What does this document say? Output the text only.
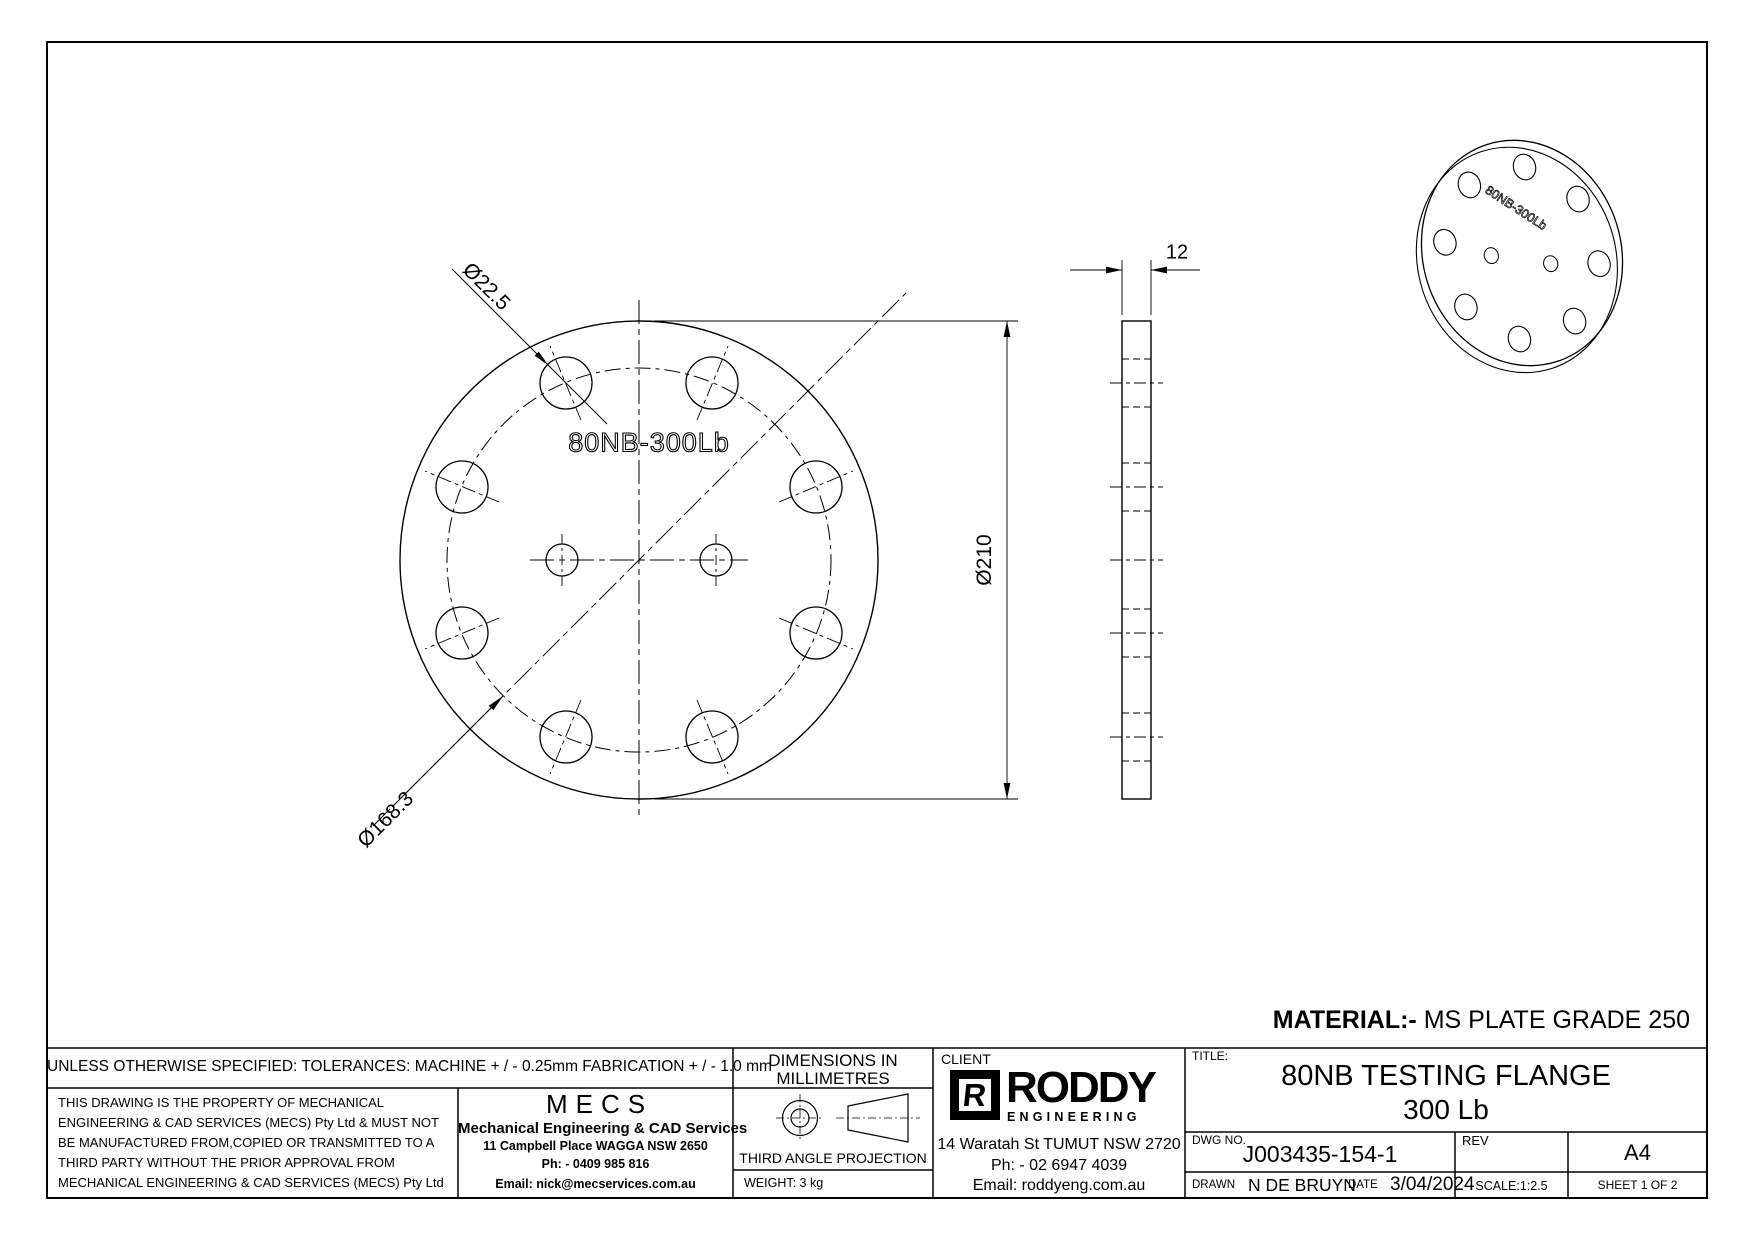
80NB-300Lb
Ø22.5
Ø168.3
Ø210
12
80NB-300Lb
MATERIAL:- MS PLATE GRADE 250
UNLESS OTHERWISE SPECIFIED: TOLERANCES: MACHINE + / - 0.25mm FABRICATION + / - 1.0 mm
DIMENSIONS IN
MILLIMETRES
THIS DRAWING IS THE PROPERTY OF MECHANICAL
ENGINEERING & CAD SERVICES (MECS) Pty Ltd & MUST NOT
BE MANUFACTURED FROM,COPIED OR TRANSMITTED TO A
THIRD PARTY WITHOUT THE PRIOR APPROVAL FROM
MECHANICAL ENGINEERING & CAD SERVICES (MECS) Pty Ltd
MECS
Mechanical Engineering & CAD Services
11 Campbell Place WAGGA NSW 2650
Ph: - 0409 985 816
Email: nick@mecservices.com.au
THIRD ANGLE PROJECTION
WEIGHT: 3 kg
CLIENT
R RODDY
ENGINEERING
14 Waratah St TUMUT NSW 2720
Ph: - 02 6947 4039
Email: roddyeng.com.au
TITLE:
80NB TESTING FLANGE
300 Lb
DWG NO.
J003435-154-1
REV	A4
DRAWN N DE BRUYN
DATE 3/04/2024 SCALE:1:2.5	SHEET 1 OF 2
